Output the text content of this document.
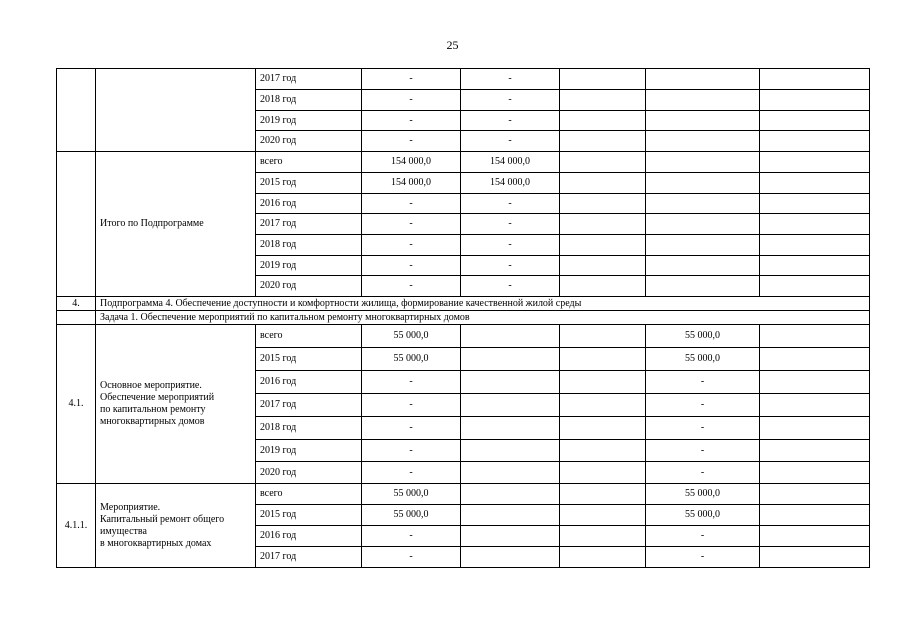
25
		2017 год	-	-			
		2018 год	-	-			
		2019 год	-	-			
		2020 год	-	-			
	Итого по Подпрограмме	всего	154 000,0	154 000,0			
		2015 год	154 000,0	154 000,0			
		2016 год	-	-			
		2017 год	-	-			
		2018 год	-	-			
		2019 год	-	-			
		2020 год	-	-			
4.	Подпрограмма 4. Обеспечение доступности и комфортности жилища, формирование качественной жилой среды						
	Задача 1. Обеспечение мероприятий по капитальном ремонту многоквартирных домов						
4.1.	Основное мероприятие.
Обеспечение мероприятий
по капитальном ремонту
многоквартирных домов	всего	55 000,0			55 000,0	
		2015 год	55 000,0			55 000,0	
		2016 год	-			-	
		2017 год	-			-	
		2018 год	-			-	
		2019 год	-			-	
		2020 год	-			-	
4.1.1.	Мероприятие.
Капитальный ремонт общего
имущества
в многоквартирных домах	всего	55 000,0			55 000,0	
		2015 год	55 000,0			55 000,0	
		2016 год	-			-	
		2017 год	-			-	
